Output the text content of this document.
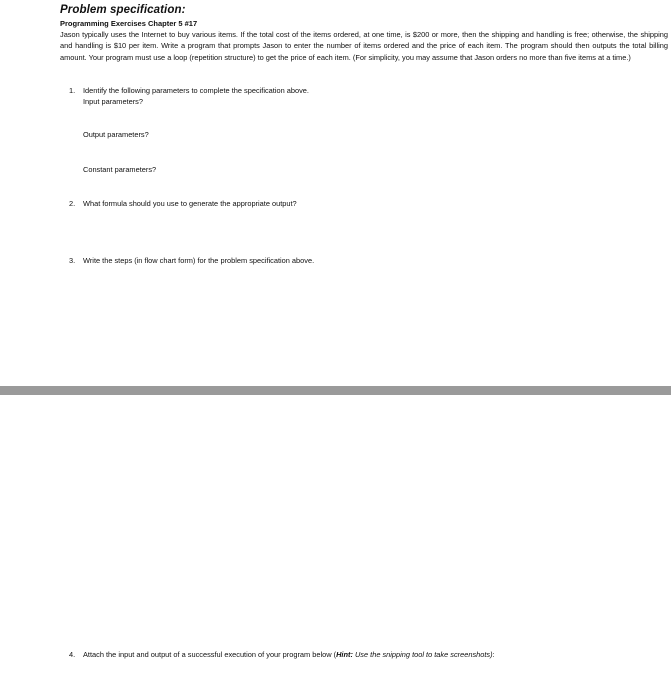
Problem specification:
Programming Exercises Chapter 5 #17
Jason typically uses the Internet to buy various items. If the total cost of the items ordered, at one time, is $200 or more, then the shipping and handling is free; otherwise, the shipping and handling is $10 per item. Write a program that prompts Jason to enter the number of items ordered and the price of each item. The program should then outputs the total billing amount. Your program must use a loop (repetition structure) to get the price of each item. (For simplicity, you may assume that Jason orders no more than five items at a time.)
1. Identify the following parameters to complete the specification above.
Input parameters?
Output parameters?
Constant parameters?
2. What formula should you use to generate the appropriate output?
3. Write the steps (in flow chart form) for the problem specification above.
4. Attach the input and output of a successful execution of your program below (Hint: Use the snipping tool to take screenshots):
